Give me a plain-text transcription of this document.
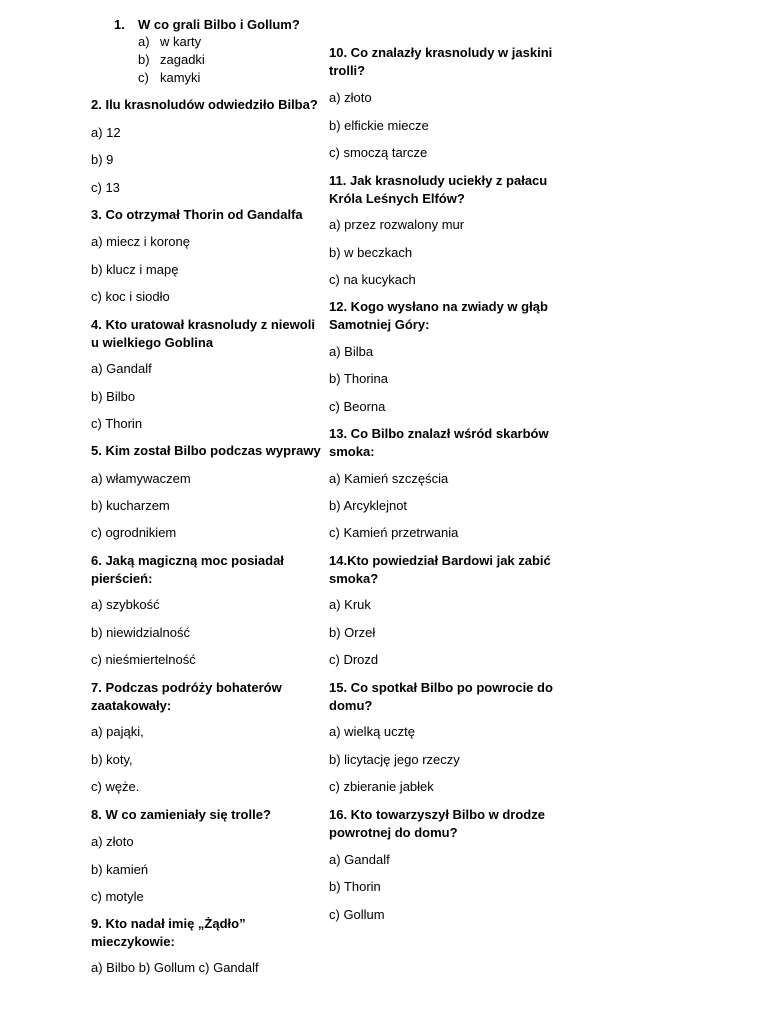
1.	W co grali Bilbo i Gollum?
a) w karty
b) zagadki
c) kamyki
2. Ilu krasnoludów odwiedziło Bilba?
a) 12
b) 9
c) 13
3. Co otrzymał Thorin od Gandalfa
a) miecz i koronę
b) klucz i mapę
c) koc i siodło
4. Kto uratował krasnoludy z niewoli u wielkiego Goblina
a) Gandalf
b) Bilbo
c) Thorin
5. Kim został Bilbo podczas wyprawy
a) włamywaczem
b) kucharzem
c) ogrodnikiem
6. Jaką magiczną moc posiadał pierścień:
a) szybkość
b) niewidzialność
c) nieśmiertelność
7. Podczas podróży bohaterów zaatakowały:
a) pająki,
b) koty,
c) węże.
8. W co zamieniały się trolle?
a) złoto
b) kamień
c) motyle
9. Kto nadał imię „Żądło” mieczykowie:
a) Bilbo b) Gollum c) Gandalf
10. Co znalazły krasnoludy w jaskini trolli?
a) złoto
b) elfickie miecze
c) smoczą tarcze
11. Jak krasnoludy uciekły z pałacu Króla Leśnych Elfów?
a) przez rozwalony mur
b) w beczkach
c) na kucykach
12. Kogo wysłano na zwiady w głąb Samotniej Góry:
a) Bilba
b) Thorina
c) Beorna
13. Co Bilbo znalazł wśród skarbów smoka:
a) Kamień szczęścia
b) Arcyklejnot
c) Kamień przetrwania
14.Kto powiedział Bardowi jak zabić smoka?
a) Kruk
b) Orzeł
c) Drozd
15. Co spotkał Bilbo po powrocie do domu?
a) wielką ucztę
b) licytację jego rzeczy
c) zbieranie jabłek
16. Kto towarzyszył Bilbo w drodze powrotnej do domu?
a) Gandalf
b) Thorin
c) Gollum
